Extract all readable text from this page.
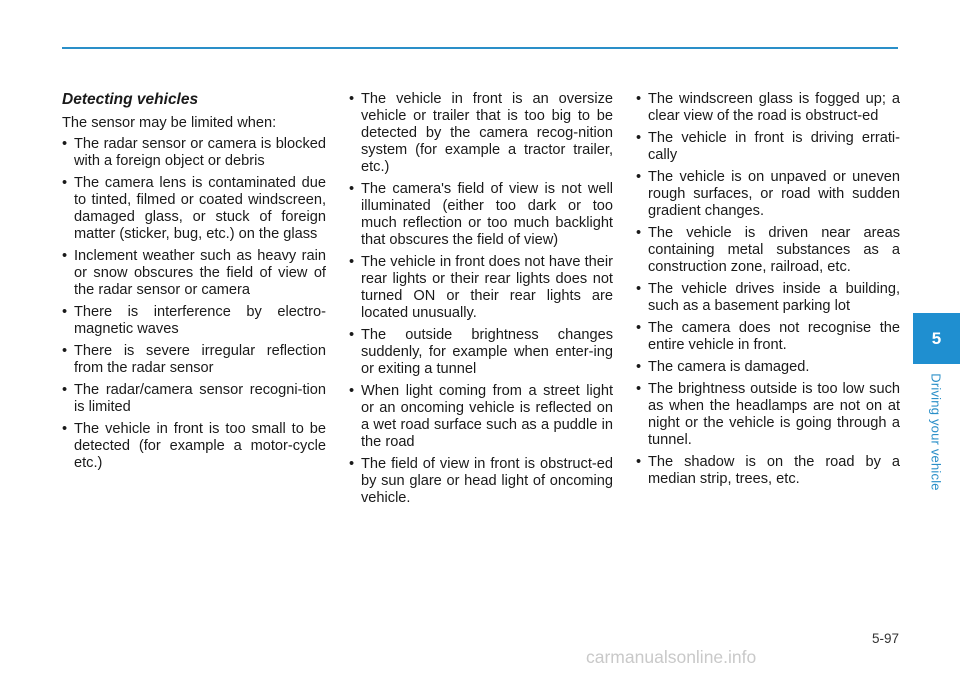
Detecting vehicles
The sensor may be limited when:
• The radar sensor or camera is blocked with a foreign object or debris
• The camera lens is contaminated due to tinted, filmed or coated windscreen, damaged glass, or stuck of foreign matter (sticker, bug, etc.) on the glass
• Inclement weather such as heavy rain or snow obscures the field of view of the radar sensor or camera
• There is interference by electro-magnetic waves
• There is severe irregular reflection from the radar sensor
• The radar/camera sensor recogni-tion is limited
• The vehicle in front is too small to be detected (for example a motor-cycle etc.)
• The vehicle in front is an oversize vehicle or trailer that is too big to be detected by the camera recog-nition system (for example a tractor trailer, etc.)
• The camera's field of view is not well illuminated (either too dark or too much reflection or too much backlight that obscures the field of view)
• The vehicle in front does not have their rear lights or their rear lights does not turned ON or their rear lights are located unusually.
• The outside brightness changes suddenly, for example when enter-ing or exiting a tunnel
• When light coming from a street light or an oncoming vehicle is reflected on a wet road surface such as a puddle in the road
• The field of view in front is obstruct-ed by sun glare or head light of oncoming vehicle.
• The windscreen glass is fogged up; a clear view of the road is obstruct-ed
• The vehicle in front is driving errati-cally
• The vehicle is on unpaved or uneven rough surfaces, or road with sudden gradient changes.
• The vehicle is driven near areas containing metal substances as a construction zone, railroad, etc.
• The vehicle drives inside a building, such as a basement parking lot
• The camera does not recognise the entire vehicle in front.
• The camera is damaged.
• The brightness outside is too low such as when the headlamps are not on at night or the vehicle is going through a tunnel.
• The shadow is on the road by a median strip, trees, etc.
5
Driving your vehicle
5-97
carmanualsonline.info
